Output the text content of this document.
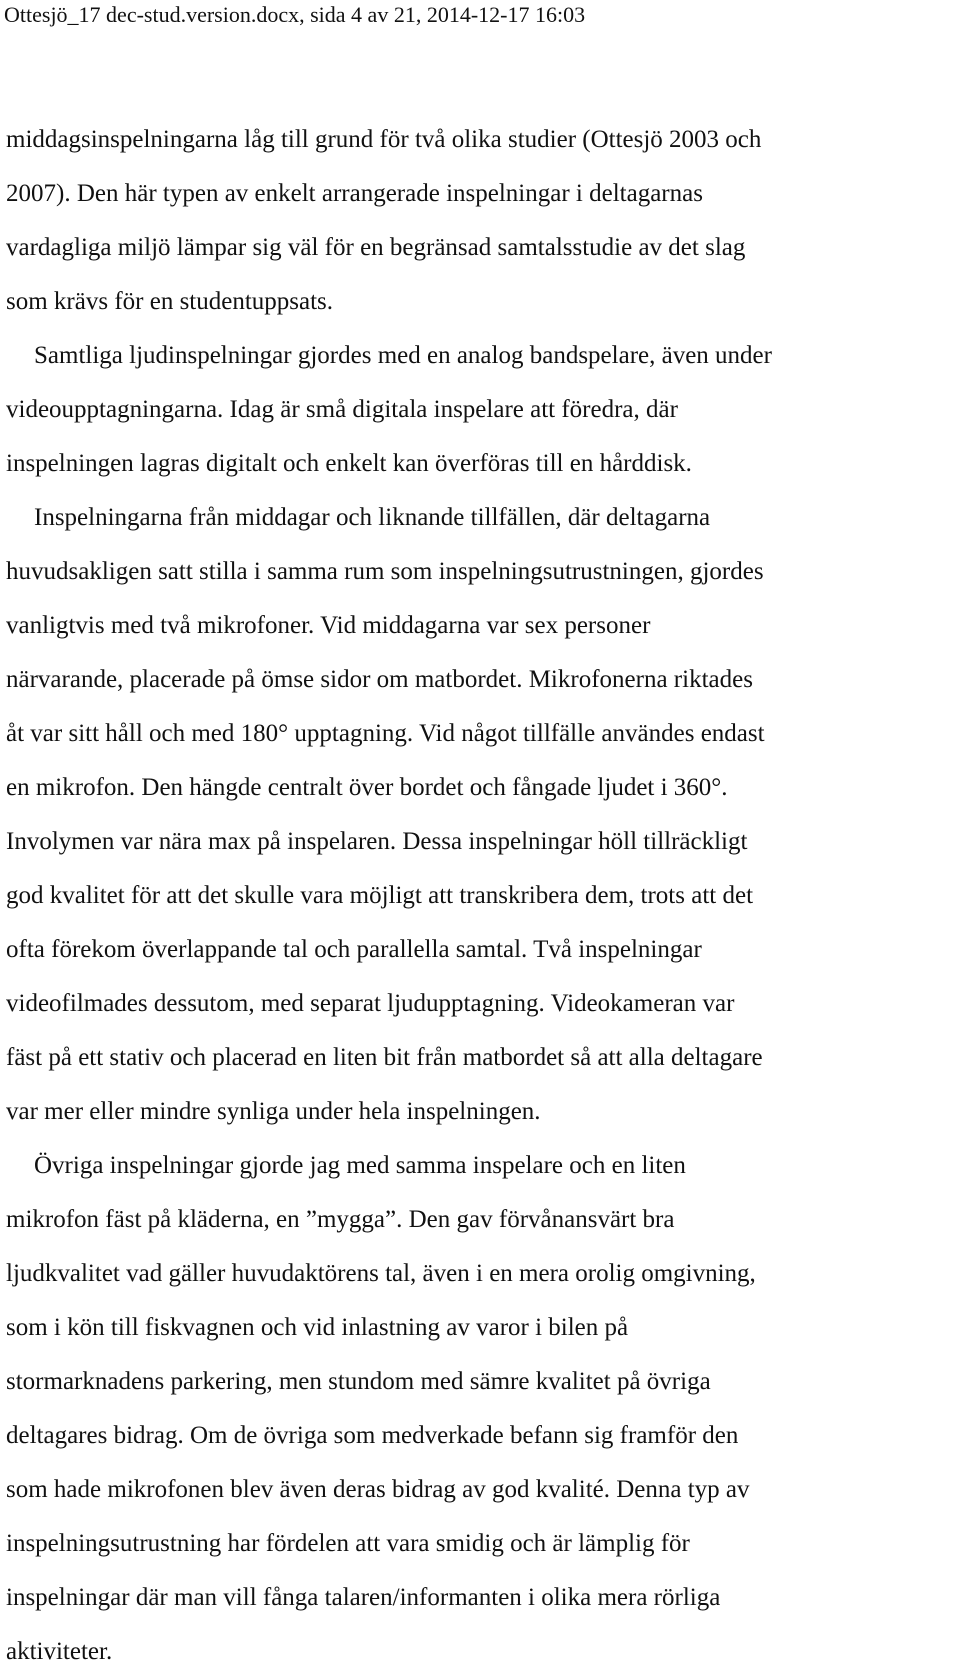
Ottesjö_17 dec-stud.version.docx, sida 4 av 21, 2014-12-17 16:03
middagsinspelningarna låg till grund för två olika studier (Ottesjö 2003 och
2007). Den här typen av enkelt arrangerade inspelningar i deltagarnas
vardagliga miljö lämpar sig väl för en begränsad samtalsstudie av det slag
som krävs för en studentuppsats.
Samtliga ljudinspelningar gjordes med en analog bandspelare, även under
videoupptagningarna. Idag är små digitala inspelare att föredra, där
inspelningen lagras digitalt och enkelt kan överföras till en hårddisk.
Inspelningarna från middagar och liknande tillfällen, där deltagarna
huvudsakligen satt stilla i samma rum som inspelningsutrustningen, gjordes
vanligtvis med två mikrofoner. Vid middagarna var sex personer
närvarande, placerade på ömse sidor om matbordet. Mikrofonerna riktades
åt var sitt håll och med 180° upptagning. Vid något tillfälle användes endast
en mikrofon. Den hängde centralt över bordet och fångade ljudet i 360°.
Involymen var nära max på inspelaren. Dessa inspelningar höll tillräckligt
god kvalitet för att det skulle vara möjligt att transkribera dem, trots att det
ofta förekom överlappande tal och parallella samtal. Två inspelningar
videofilmades dessutom, med separat ljudupptagning. Videokameran var
fäst på ett stativ och placerad en liten bit från matbordet så att alla deltagare
var mer eller mindre synliga under hela inspelningen.
Övriga inspelningar gjorde jag med samma inspelare och en liten
mikrofon fäst på kläderna, en ”mygga”. Den gav förvånansvärt bra
ljudkvalitet vad gäller huvudaktörens tal, även i en mera orolig omgivning,
som i kön till fiskvagnen och vid inlastning av varor i bilen på
stormarknadens parkering, men stundom med sämre kvalitet på övriga
deltagares bidrag. Om de övriga som medverkade befann sig framför den
som hade mikrofonen blev även deras bidrag av god kvalité. Denna typ av
inspelningsutrustning har fördelen att vara smidig och är lämplig för
inspelningar där man vill fånga talaren/informanten i olika mera rörliga
aktiviteter.
